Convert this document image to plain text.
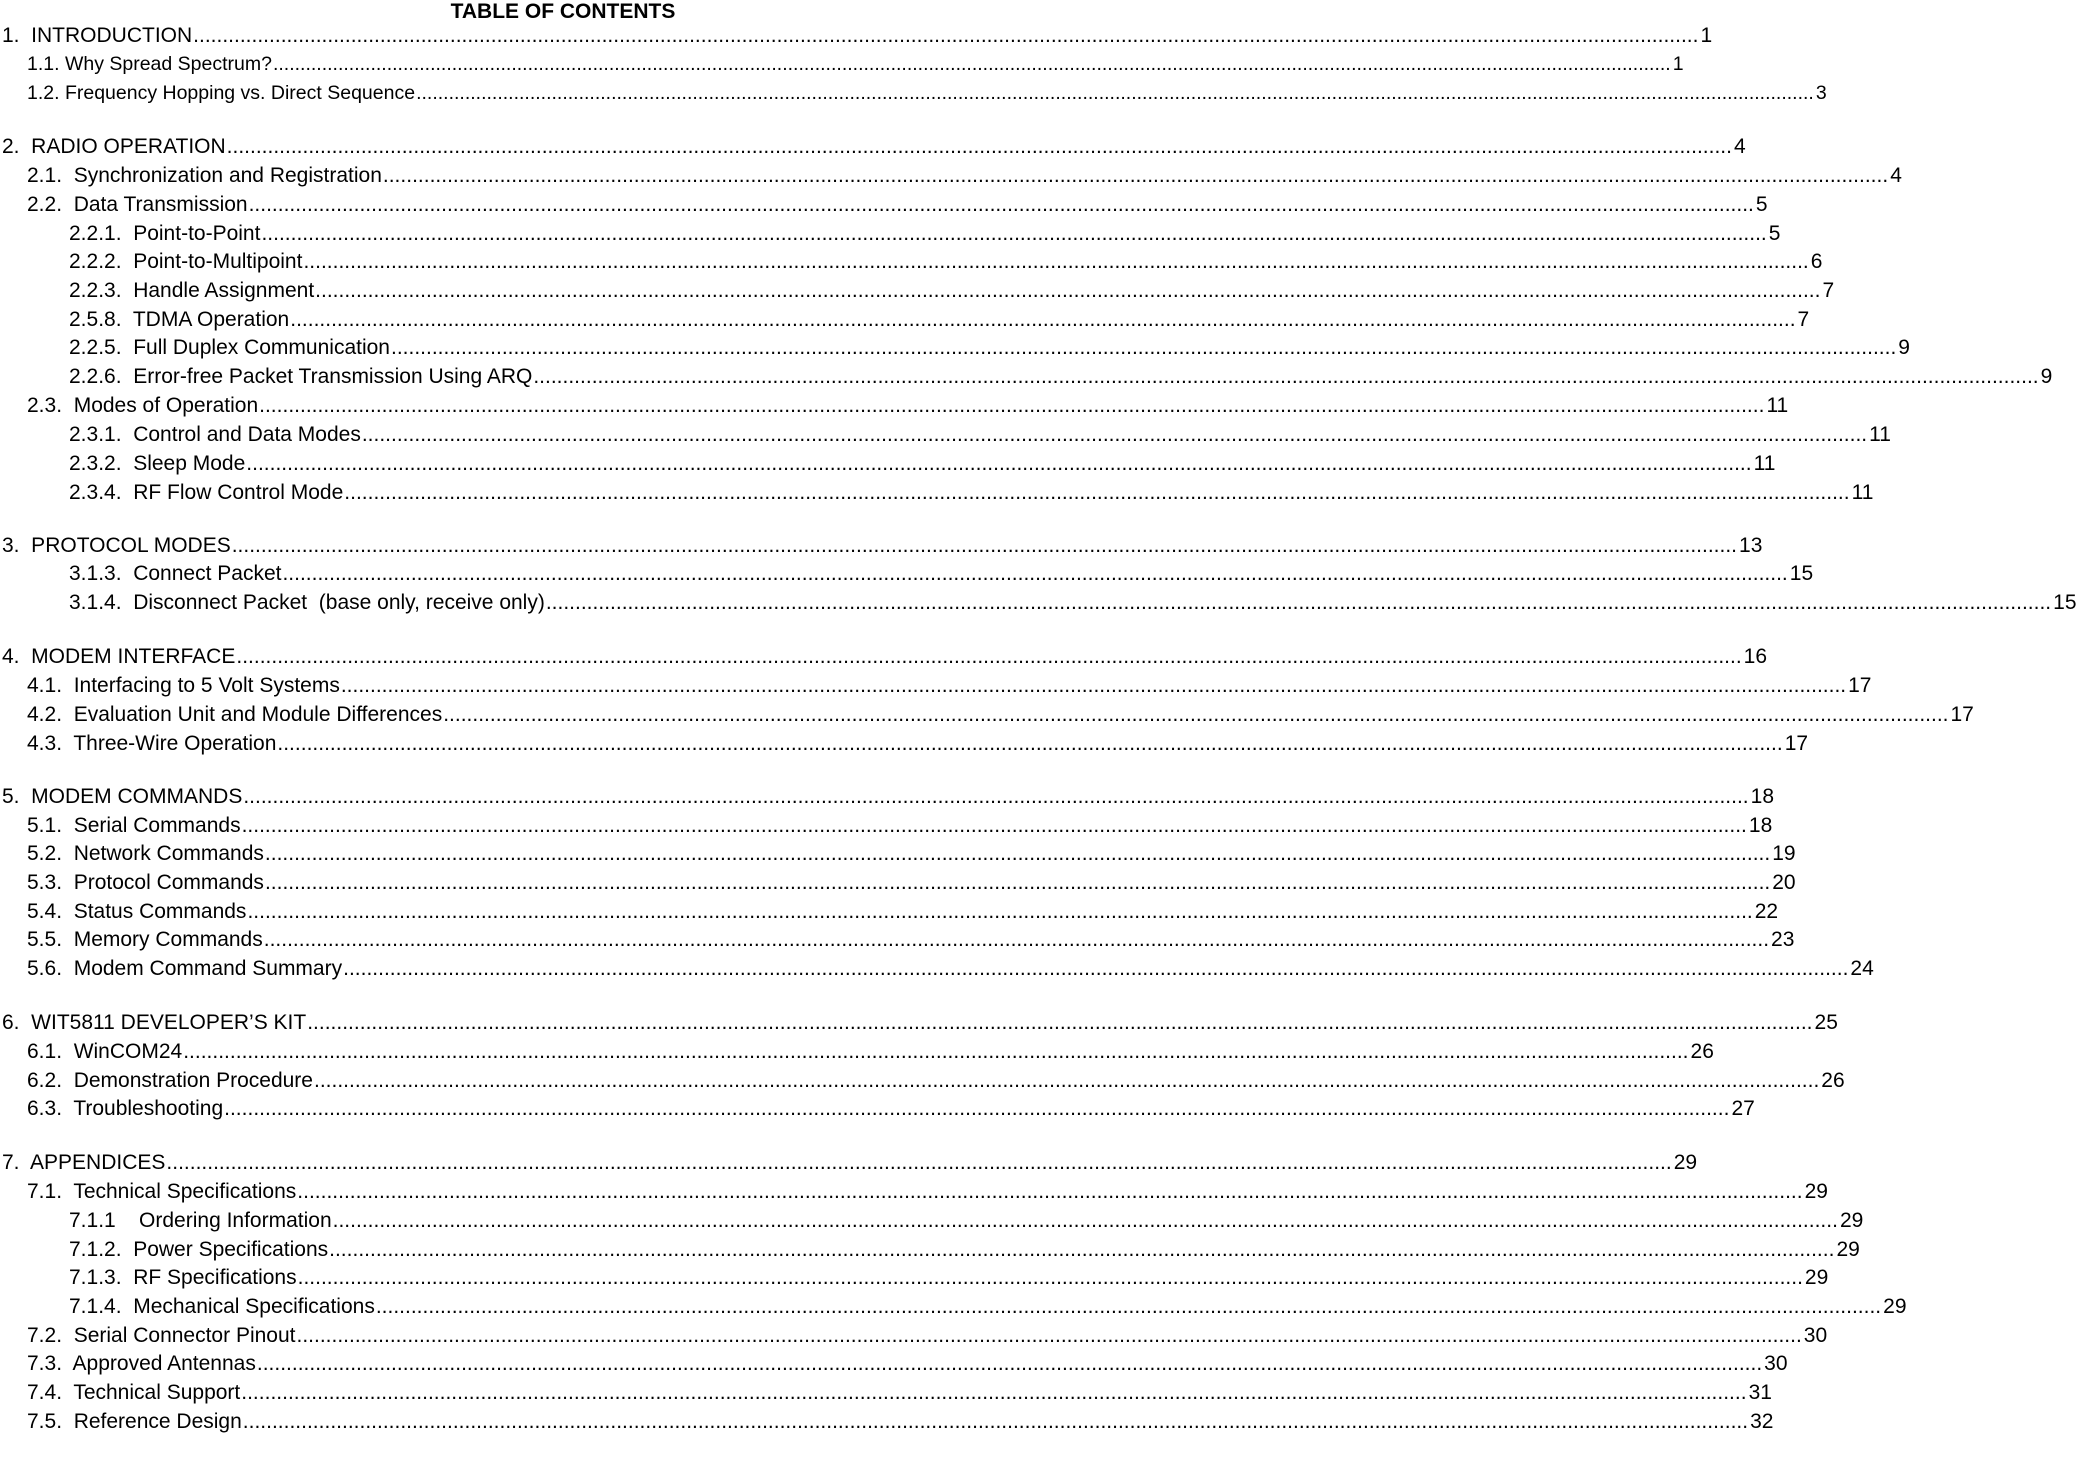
TABLE OF CONTENTS
1.  INTRODUCTION .....	1
1.1. Why Spread Spectrum? .....	1
1.2. Frequency Hopping vs. Direct Sequence .....	3
2.  RADIO OPERATION .....	4
2.1.  Synchronization and Registration .....	4
2.2.  Data Transmission .....	5
2.2.1.  Point-to-Point .....	5
2.2.2.  Point-to-Multipoint .....	6
2.2.3.  Handle Assignment .....	7
2.5.8.  TDMA Operation .....	7
2.2.5.  Full Duplex Communication .....	9
2.2.6.  Error-free Packet Transmission Using ARQ .....	9
2.3.  Modes of Operation .....	11
2.3.1.  Control and Data Modes .....	11
2.3.2.  Sleep Mode .....	11
2.3.4.  RF Flow Control Mode .....	11
3.  PROTOCOL MODES .....	13
3.1.3.  Connect Packet .....	15
3.1.4.  Disconnect Packet  (base only, receive only) .....	15
4.  MODEM INTERFACE .....	16
4.1.  Interfacing to 5 Volt Systems .....	17
4.2.  Evaluation Unit and Module Differences .....	17
4.3.  Three-Wire Operation .....	17
5.  MODEM COMMANDS .....	18
5.1.  Serial Commands .....	18
5.2.  Network Commands .....	19
5.3.  Protocol Commands .....	20
5.4.  Status Commands .....	22
5.5.  Memory Commands .....	23
5.6.  Modem Command Summary .....	24
6.  WIT5811 DEVELOPER’S KIT .....	25
6.1.  WinCOM24 .....	26
6.2.  Demonstration Procedure .....	26
6.3.  Troubleshooting .....	27
7.  APPENDICES .....	29
7.1.  Technical Specifications .....	29
7.1.1    Ordering Information .....	29
7.1.2.  Power Specifications .....	29
7.1.3.  RF Specifications .....	29
7.1.4.  Mechanical Specifications .....	29
7.2.  Serial Connector Pinout .....	30
7.3.  Approved Antennas .....	30
7.4.  Technical Support .....	31
7.5.  Reference Design .....	32
